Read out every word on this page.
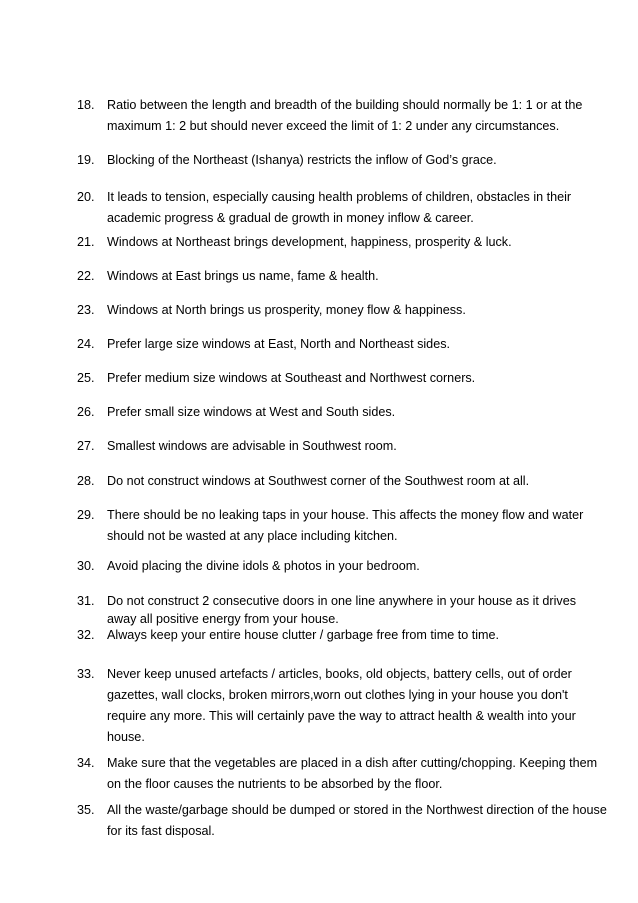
18. Ratio between the length and breadth of the building should normally be 1: 1 or at the maximum 1: 2 but should never exceed the limit of 1: 2 under any circumstances.
19. Blocking of the Northeast (Ishanya) restricts the inflow of God’s grace.
20. It leads to tension, especially causing health problems of children, obstacles in their academic progress & gradual de growth in money inflow & career.
21. Windows at Northeast brings development, happiness, prosperity & luck.
22. Windows at East brings us name, fame & health.
23. Windows at North brings us prosperity, money flow & happiness.
24. Prefer large size windows at East, North and Northeast sides.
25. Prefer medium size windows at Southeast and Northwest corners.
26. Prefer small size windows at West and South sides.
27. Smallest windows are advisable in Southwest room.
28. Do not construct windows at Southwest corner of the Southwest room at all.
29. There should be no leaking taps in your house. This affects the money flow and water should not be wasted at any place including kitchen.
30. Avoid placing the divine idols & photos in your bedroom.
31. Do not construct 2 consecutive doors in one line anywhere in your house as it drives away all positive energy from your house.
32. Always keep your entire house clutter / garbage free from time to time.
33. Never keep unused artefacts / articles, books, old objects, battery cells, out of order gazettes, wall clocks, broken mirrors,worn out clothes lying in your house you don't require any more. This will certainly pave the way to attract health & wealth into your house.
34. Make sure that the vegetables are placed in a dish after cutting/chopping. Keeping them on the floor causes the nutrients to be absorbed by the floor.
35. All the waste/garbage should be dumped or stored in the Northwest direction of the house for its fast disposal.
